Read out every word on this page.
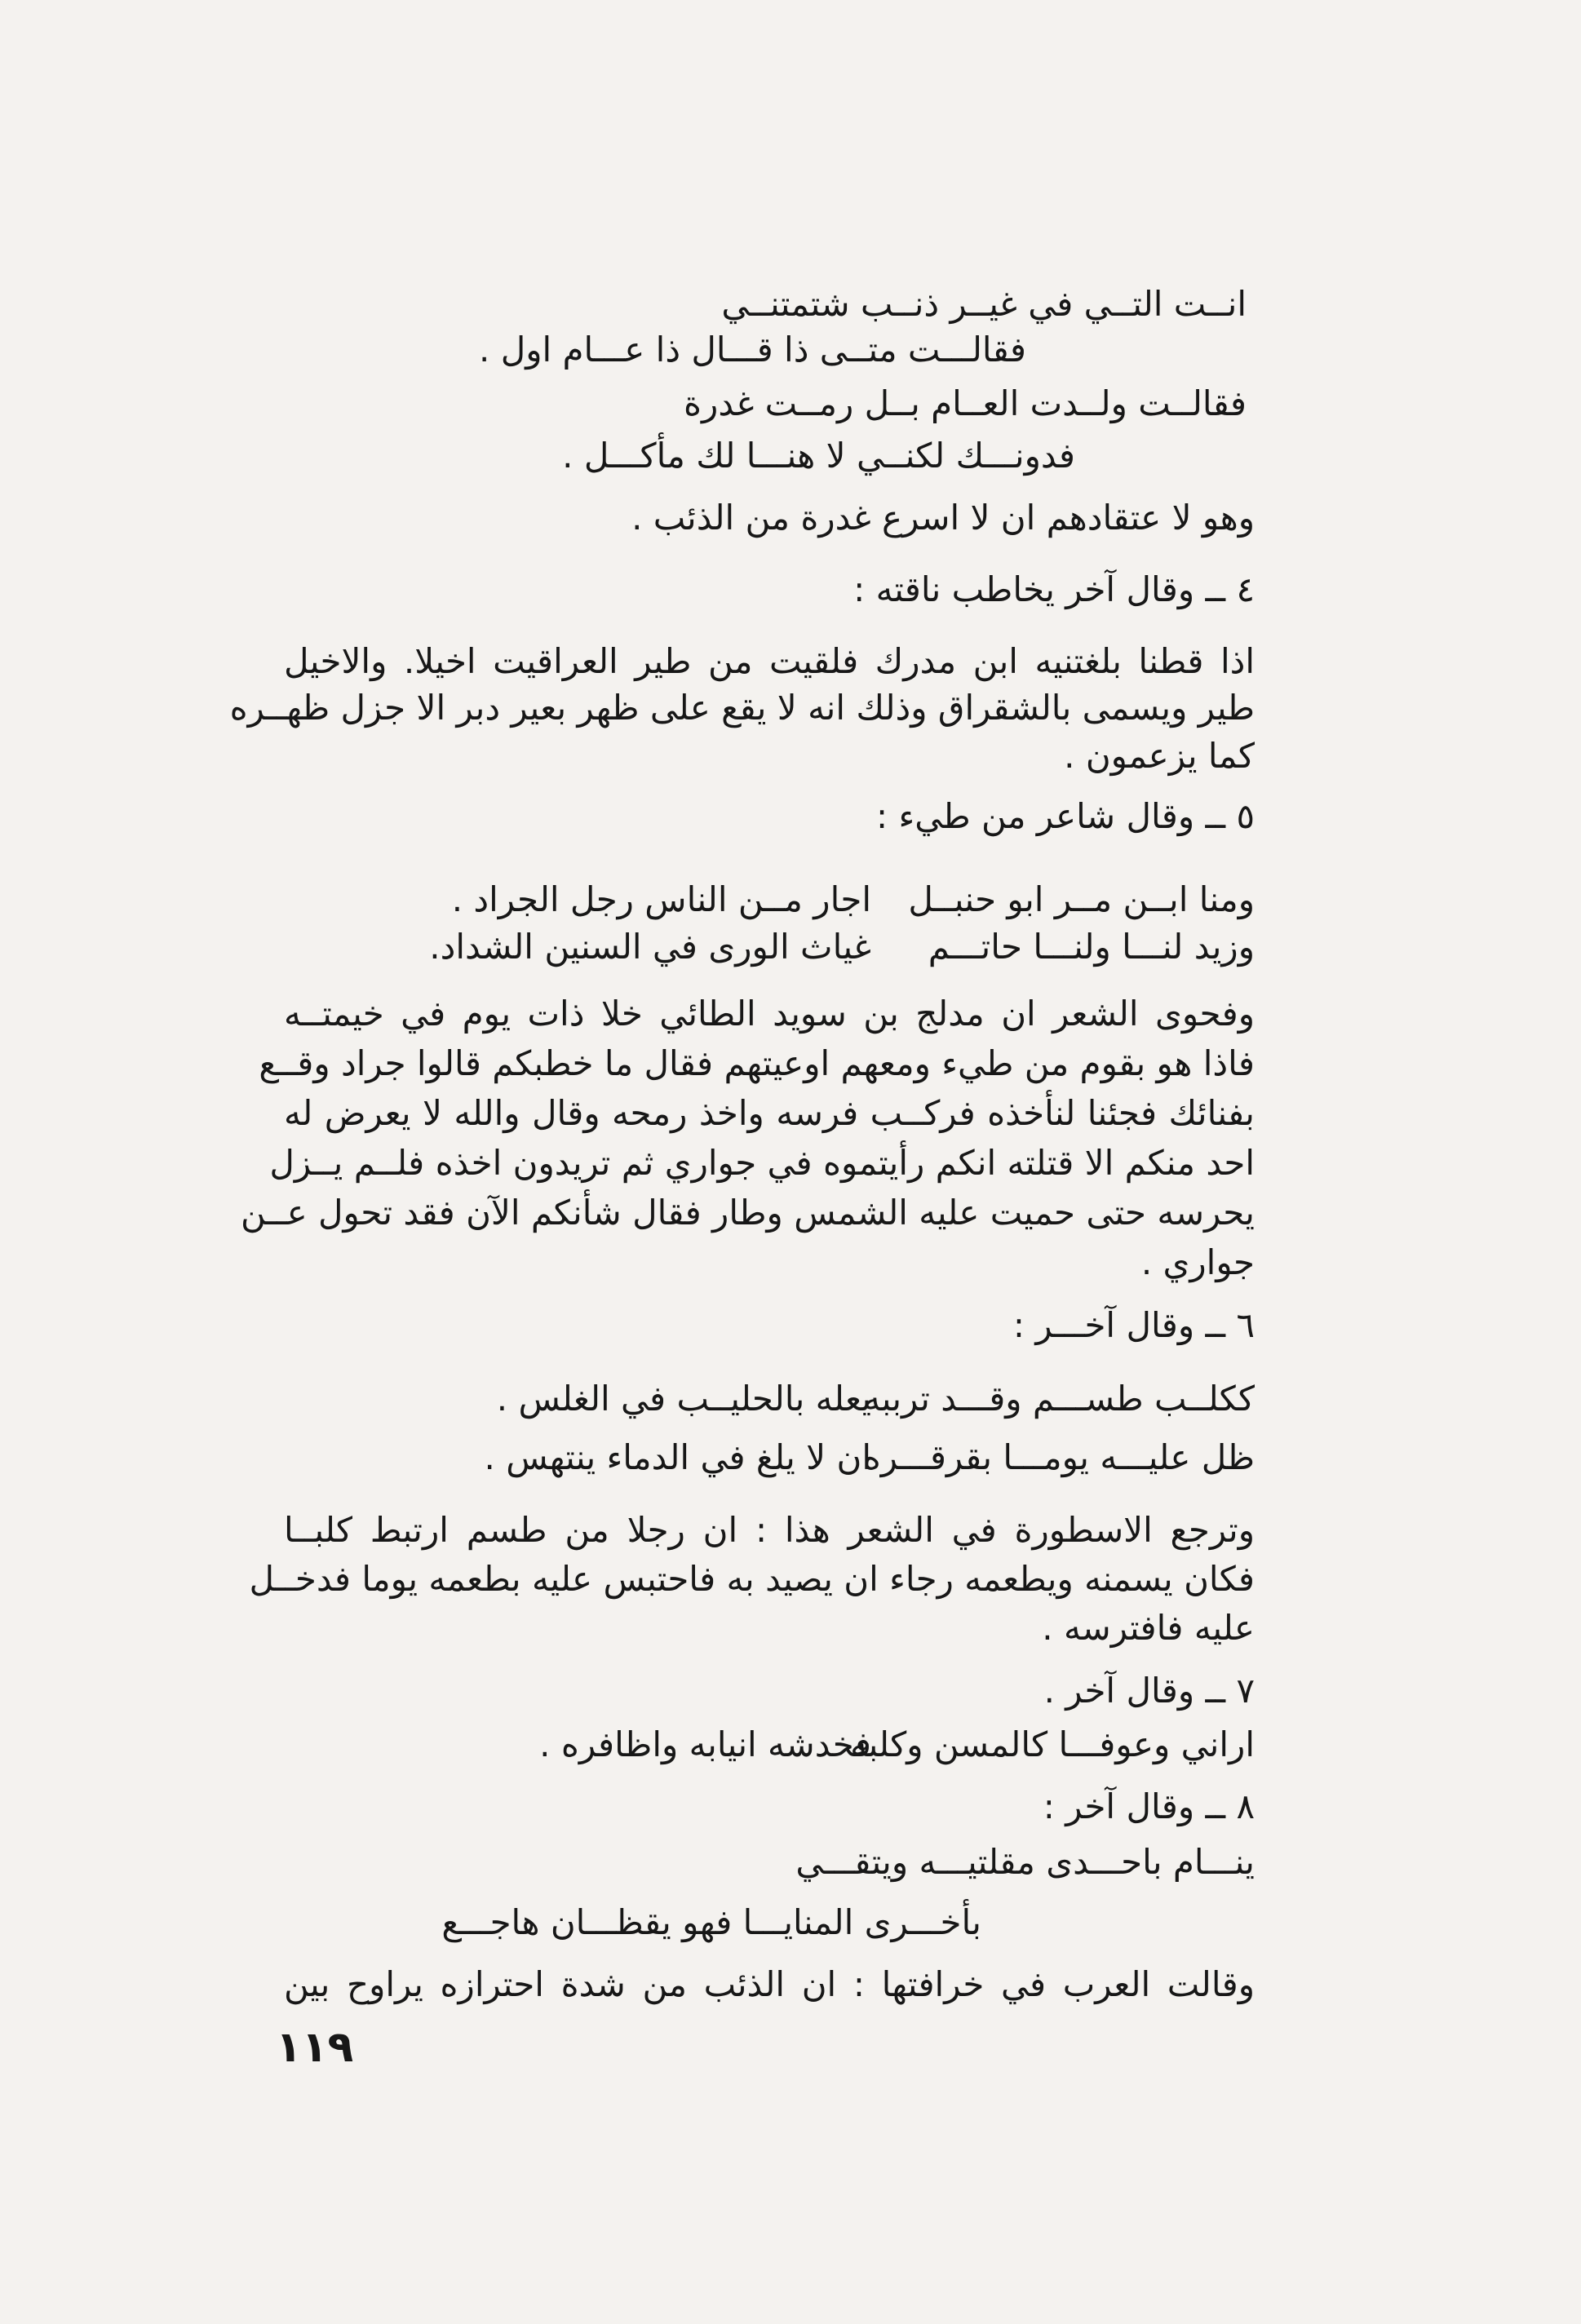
انــت التــي في غيــر ذنــب شتمتنــي

فقالـــت متــى ذا قـــال ذا عـــام اول .

فقالــت ولــدت العــام بــل رمــت غدرة

فدونـــك لكنــي لا هنـــا لك مأكـــل .

وهو لا عتقادهم ان لا اسرع غدرة من الذئب .

٤ ــ وقال آخر يخاطب ناقته :

اذا قطنا بلغتنيه ابن مدرك فلقيت من طير العراقيت اخيلا. والاخيل

طير ويسمى بالشقراق وذلك انه لا يقع على ظهر بعير دبر الا جزل ظهــره

كما يزعمون .

٥ ــ وقال شاعر من طيء :

ومنا ابــن مــر ابو حنبــل

اجار مــن الناس رجل الجراد .

وزيد لنـــا ولنـــا حاتـــم

غياث الورى في السنين الشداد.

وفحوى الشعر ان مدلج بن سويد الطائي خلا ذات يوم في خيمتــه

فاذا هو بقوم من طيء ومعهم اوعيتهم فقال ما خطبكم قالوا جراد وقــع

بفنائك فجئنا لنأخذه فركــب فرسه واخذ رمحه وقال والله لا يعرض له

احد منكم الا قتلته انكم رأيتموه في جواري ثم تريدون اخذه فلــم يــزل

يحرسه حتى حميت عليه الشمس وطار فقال شأنكم الآن فقد تحول عــن

جواري .

٦ ــ وقال آخـــر :

ككلــب طســـم وقـــد ترببه

يعله بالحليــب في الغلس .

ظل عليـــه يومـــا بقرقـــره

ان لا يلغ في الدماء ينتهس .

وترجع الاسطورة في الشعر هذا : ان رجلا من طسم ارتبط كلبــا

فكان يسمنه ويطعمه رجاء ان يصيد به فاحتبس عليه بطعمه يوما فدخــل

عليه فافترسه .

٧ ــ وقال آخر .

اراني وعوفـــا كالمسن وكلبه

فخدشه انيابه واظافره .

٨ ــ وقال آخر :

ينـــام باحـــدى مقلتيـــه ويتقـــي

بأخـــرى المنايـــا فهو يقظـــان هاجـــع

وقالت العرب في خرافتها : ان الذئب من شدة احترازه يراوح بين

١١٩
